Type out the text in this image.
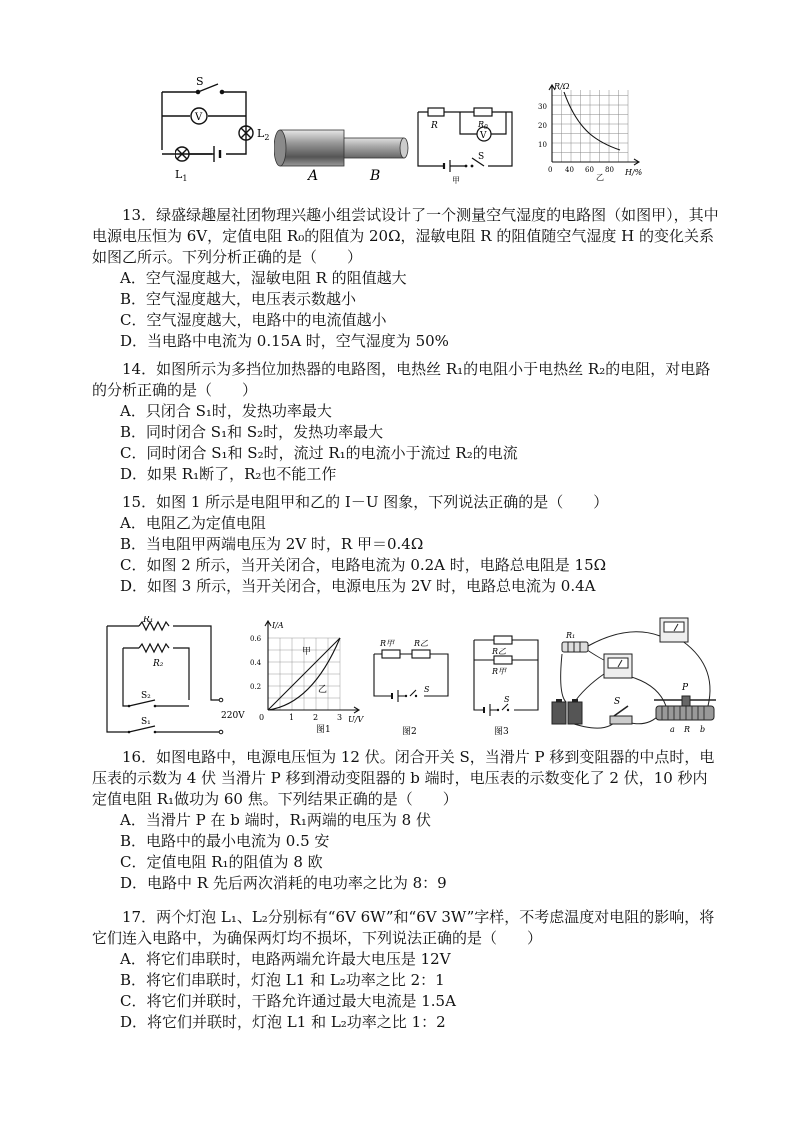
S
V
$L_2$
$L_1$	A	B
R	$R_0$
V
S
甲
R/Ω
H/%
0 40 60 80
10
20
30
乙

13．绿盛绿趣屋社团物理兴趣小组尝试设计了一个测量空气湿度的电路图（如图甲），其中电源电压恒为 6V，定值电阻 R₀的阻值为 20Ω，湿敏电阻 R 的阻值随空气湿度 H 的变化关系如图乙所示。下列分析正确的是（　　）

A．空气湿度越大，湿敏电阻 R 的阻值越大

B．空气湿度越大，电压表示数越小

C．空气湿度越大，电路中的电流值越小

D．当电路中电流为 0.15A 时，空气湿度为 50%

14．如图所示为多挡位加热器的电路图，电热丝 R₁的电阻小于电热丝 R₂的电阻，对电路的分析正确的是（　　）

A．只闭合 S₁时，发热功率最大

B．同时闭合 S₁和 S₂时，发热功率最大

C．同时闭合 S₁和 S₂时，流过 R₁的电流小于流过 R₂的电流

D．如果 R₁断了，R₂也不能工作

15．如图 1 所示是电阻甲和乙的 I－U 图象，下列说法正确的是（　　）

A．电阻乙为定值电阻

B．当电阻甲两端电压为 2V 时，R 甲＝0.4Ω

C．如图 2 所示，当开关闭合，电路电流为 0.2A 时，电路总电阻是 15Ω

D．如图 3 所示，当开关闭合，电源电压为 2V 时，电路总电流为 0.4A

R₁
R₂
S₂
S₁
220V
I/A
U/V
0	1 2 3
0.2
0.4
0.6
甲
乙
图1
R甲 R乙
S
图2
R乙
R甲
S
图3
R₁
P
S
a R b

16．如图电路中，电源电压恒为 12 伏。闭合开关 S，当滑片 P 移到变阻器的中点时，电压表的示数为 4 伏 当滑片 P 移到滑动变阻器的 b 端时，电压表的示数变化了 2 伏，10 秒内定值电阻 R₁做功为 60 焦。下列结果正确的是（　　）

A．当滑片 P 在 b 端时，R₁两端的电压为 8 伏

B．电路中的最小电流为 0.5 安

C．定值电阻 R₁的阻值为 8 欧

D．电路中 R 先后两次消耗的电功率之比为 8：9

17．两个灯泡 L₁、L₂分别标有“6V 6W”和“6V 3W”字样，不考虑温度对电阻的影响，将它们连入电路中，为确保两灯均不损坏，下列说法正确的是（　　）

A．将它们串联时，电路两端允许最大电压是 12V

B．将它们串联时，灯泡 L1 和 L₂功率之比 2：1

C．将它们并联时，干路允许通过最大电流是 1.5A

D．将它们并联时，灯泡 L1 和 L₂功率之比 1：2
